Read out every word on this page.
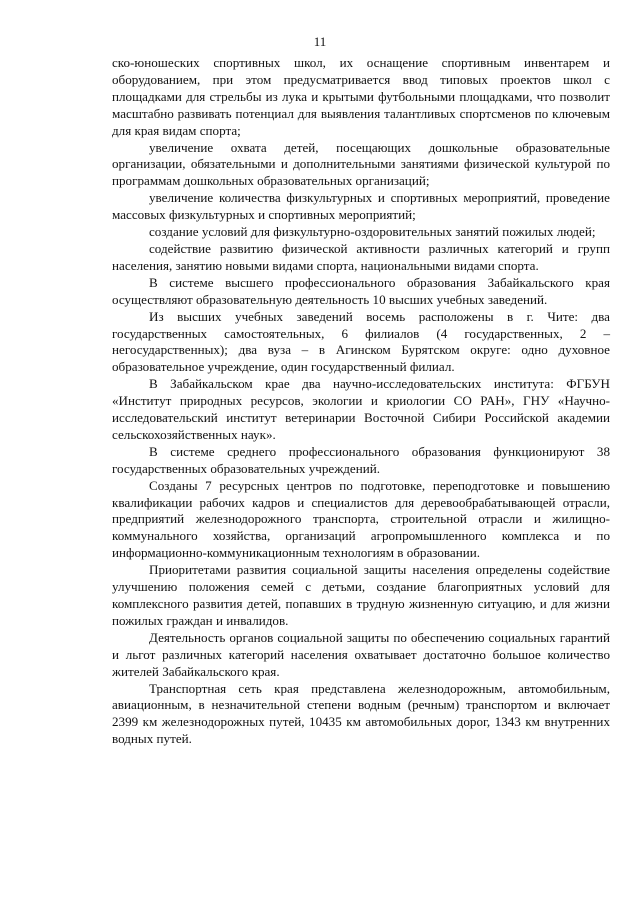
11

ско-юношеских спортивных школ, их оснащение спортивным инвентарем и оборудованием, при этом предусматривается ввод типовых проектов школ с площадками для стрельбы из лука и крытыми футбольными площадками, что позволит масштабно развивать потенциал для выявления талантливых спортсменов по ключевым для края видам спорта;

увеличение охвата детей, посещающих дошкольные образовательные организации, обязательными и дополнительными занятиями физической культурой по программам дошкольных образовательных организаций;

увеличение количества физкультурных и спортивных мероприятий, проведение массовых физкультурных и спортивных мероприятий;

создание условий для физкультурно-оздоровительных занятий пожилых людей;

содействие развитию физической активности различных категорий и групп населения, занятию новыми видами спорта, национальными видами спорта.

В системе высшего профессионального образования Забайкальского края осуществляют образовательную деятельность 10 высших учебных заведений.

Из высших учебных заведений восемь расположены в г. Чите: два государственных самостоятельных, 6 филиалов (4 государственных, 2 – негосударственных); два вуза – в Агинском Бурятском округе: одно духовное образовательное учреждение, один государственный филиал.

В Забайкальском крае два научно-исследовательских института: ФГБУН «Институт природных ресурсов, экологии и криологии СО РАН», ГНУ «Научно-исследовательский институт ветеринарии Восточной Сибири Российской академии сельскохозяйственных наук».

В системе среднего профессионального образования функционируют 38 государственных образовательных учреждений.

Созданы 7 ресурсных центров по подготовке, переподготовке и повышению квалификации рабочих кадров и специалистов для деревообрабатывающей отрасли, предприятий железнодорожного транспорта, строительной отрасли и жилищно-коммунального хозяйства, организаций агропромышленного комплекса и по информационно-коммуникационным технологиям в образовании.

Приоритетами развития социальной защиты населения определены содействие улучшению положения семей с детьми, создание благоприятных условий для комплексного развития детей, попавших в трудную жизненную ситуацию, и для жизни пожилых граждан и инвалидов.

Деятельность органов социальной защиты по обеспечению социальных гарантий и льгот различных категорий населения охватывает достаточно большое количество жителей Забайкальского края.

Транспортная сеть края представлена железнодорожным, автомобильным, авиационным, в незначительной степени водным (речным) транспортом и включает 2399 км железнодорожных путей, 10435 км автомобильных дорог, 1343 км внутренних водных путей.
